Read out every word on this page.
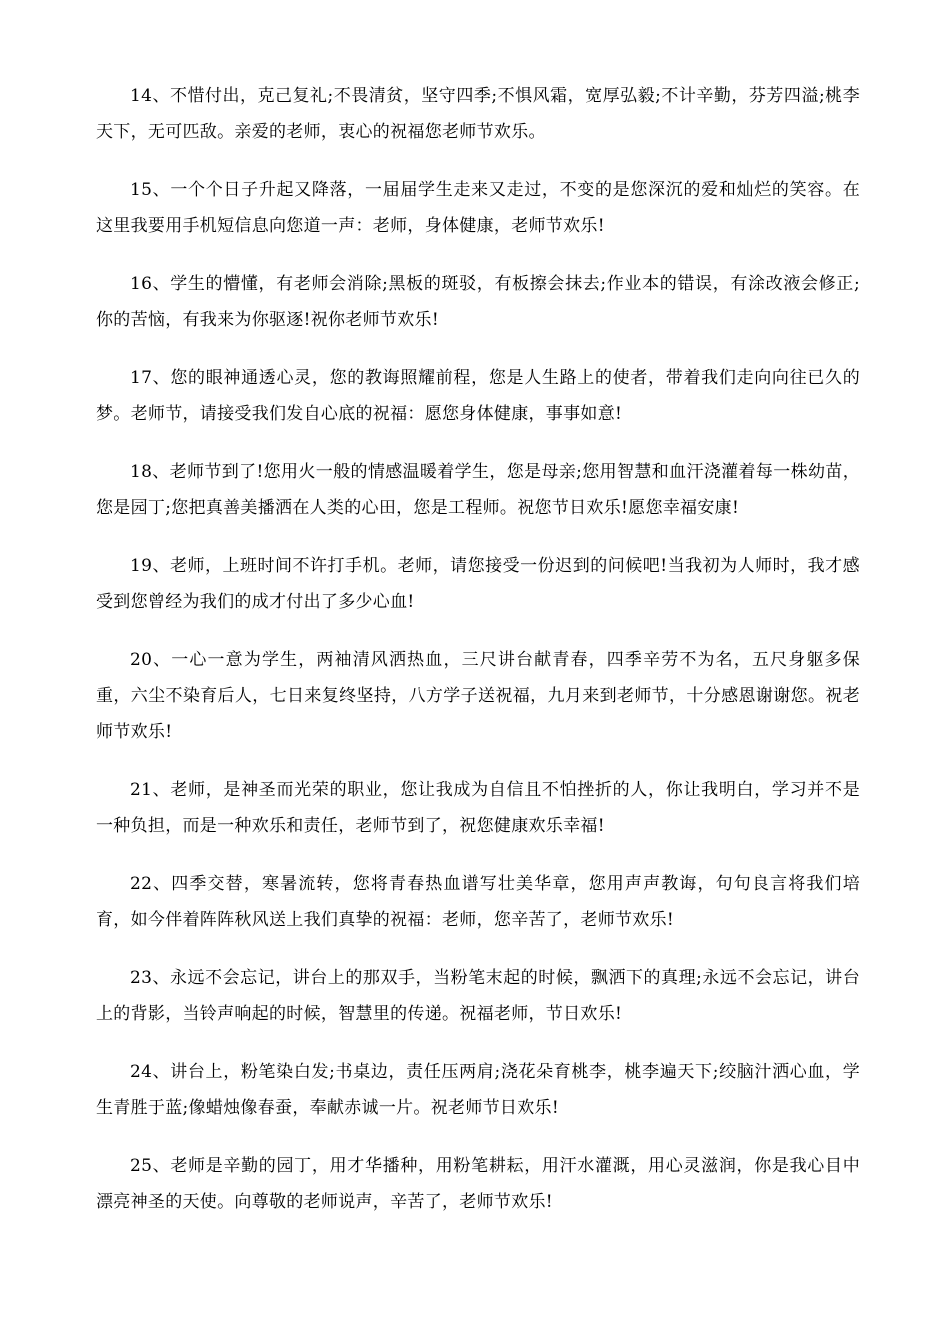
14、不惜付出，克己复礼;不畏清贫，坚守四季;不惧风霜，宽厚弘毅;不计辛勤，芬芳四溢;桃李天下，无可匹敌。亲爱的老师，衷心的祝福您老师节欢乐。

15、一个个日子升起又降落，一届届学生走来又走过，不变的是您深沉的爱和灿烂的笑容。在这里我要用手机短信息向您道一声：老师，身体健康，老师节欢乐!

16、学生的懵懂，有老师会消除;黑板的斑驳，有板擦会抹去;作业本的错误，有涂改液会修正;你的苦恼，有我来为你驱逐!祝你老师节欢乐!

17、您的眼神通透心灵，您的教诲照耀前程，您是人生路上的使者，带着我们走向向往已久的梦。老师节，请接受我们发自心底的祝福：愿您身体健康，事事如意!

18、老师节到了!您用火一般的情感温暖着学生，您是母亲;您用智慧和血汗浇灌着每一株幼苗，您是园丁;您把真善美播洒在人类的心田，您是工程师。祝您节日欢乐!愿您幸福安康!

19、老师，上班时间不许打手机。老师，请您接受一份迟到的问候吧!当我初为人师时，我才感受到您曾经为我们的成才付出了多少心血!

20、一心一意为学生，两袖清风洒热血，三尺讲台献青春，四季辛劳不为名，五尺身躯多保重，六尘不染育后人，七日来复终坚持，八方学子送祝福，九月来到老师节，十分感恩谢谢您。祝老师节欢乐!

21、老师，是神圣而光荣的职业，您让我成为自信且不怕挫折的人，你让我明白，学习并不是一种负担，而是一种欢乐和责任，老师节到了，祝您健康欢乐幸福!

22、四季交替，寒暑流转，您将青春热血谱写壮美华章，您用声声教诲，句句良言将我们培育，如今伴着阵阵秋风送上我们真挚的祝福：老师，您辛苦了，老师节欢乐!

23、永远不会忘记，讲台上的那双手，当粉笔末起的时候，飘洒下的真理;永远不会忘记，讲台上的背影，当铃声响起的时候，智慧里的传递。祝福老师，节日欢乐!

24、讲台上，粉笔染白发;书桌边，责任压两肩;浇花朵育桃李，桃李遍天下;绞脑汁洒心血，学生青胜于蓝;像蜡烛像春蚕，奉献赤诚一片。祝老师节日欢乐!

25、老师是辛勤的园丁，用才华播种，用粉笔耕耘，用汗水灌溉，用心灵滋润，你是我心目中漂亮神圣的天使。向尊敬的老师说声，辛苦了，老师节欢乐!
